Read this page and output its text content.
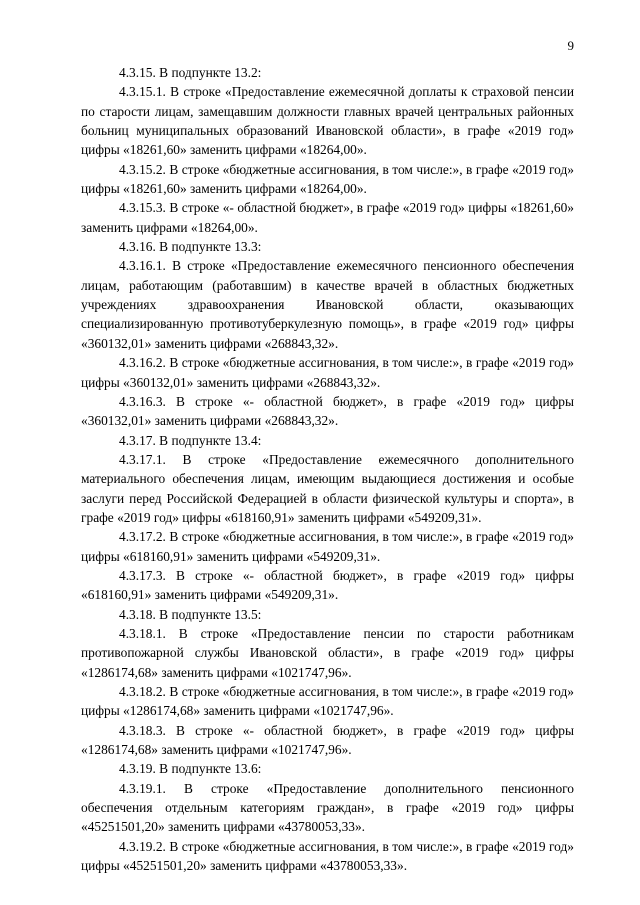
9

4.3.15. В подпункте 13.2:

4.3.15.1. В строке «Предоставление ежемесячной доплаты к страховой пенсии по старости лицам, замещавшим должности главных врачей центральных районных больниц муниципальных образований Ивановской области», в графе «2019 год» цифры «18261,60» заменить цифрами «18264,00».

4.3.15.2. В строке «бюджетные ассигнования, в том числе:», в графе «2019 год» цифры «18261,60» заменить цифрами «18264,00».

4.3.15.3. В строке «- областной бюджет», в графе «2019 год» цифры «18261,60» заменить цифрами «18264,00».

4.3.16. В подпункте 13.3:

4.3.16.1. В строке «Предоставление ежемесячного пенсионного обеспечения лицам, работающим (работавшим) в качестве врачей в областных бюджетных учреждениях здравоохранения Ивановской области, оказывающих специализированную противотуберкулезную помощь», в графе «2019 год» цифры «360132,01» заменить цифрами «268843,32».

4.3.16.2. В строке «бюджетные ассигнования, в том числе:», в графе «2019 год» цифры «360132,01» заменить цифрами «268843,32».

4.3.16.3. В строке «- областной бюджет», в графе «2019 год» цифры «360132,01» заменить цифрами «268843,32».

4.3.17. В подпункте 13.4:

4.3.17.1. В строке «Предоставление ежемесячного дополнительного материального обеспечения лицам, имеющим выдающиеся достижения и особые заслуги перед Российской Федерацией в области физической культуры и спорта», в графе «2019 год» цифры «618160,91» заменить цифрами «549209,31».

4.3.17.2. В строке «бюджетные ассигнования, в том числе:», в графе «2019 год» цифры «618160,91» заменить цифрами «549209,31».

4.3.17.3. В строке «- областной бюджет», в графе «2019 год» цифры «618160,91» заменить цифрами «549209,31».

4.3.18. В подпункте 13.5:

4.3.18.1. В строке «Предоставление пенсии по старости работникам противопожарной службы Ивановской области», в графе «2019 год» цифры «1286174,68» заменить цифрами «1021747,96».

4.3.18.2. В строке «бюджетные ассигнования, в том числе:», в графе «2019 год» цифры «1286174,68» заменить цифрами «1021747,96».

4.3.18.3. В строке «- областной бюджет», в графе «2019 год» цифры «1286174,68» заменить цифрами «1021747,96».

4.3.19. В подпункте 13.6:

4.3.19.1. В строке «Предоставление дополнительного пенсионного обеспечения отдельным категориям граждан», в графе «2019 год» цифры «45251501,20» заменить цифрами «43780053,33».

4.3.19.2. В строке «бюджетные ассигнования, в том числе:», в графе «2019 год» цифры «45251501,20» заменить цифрами «43780053,33».
